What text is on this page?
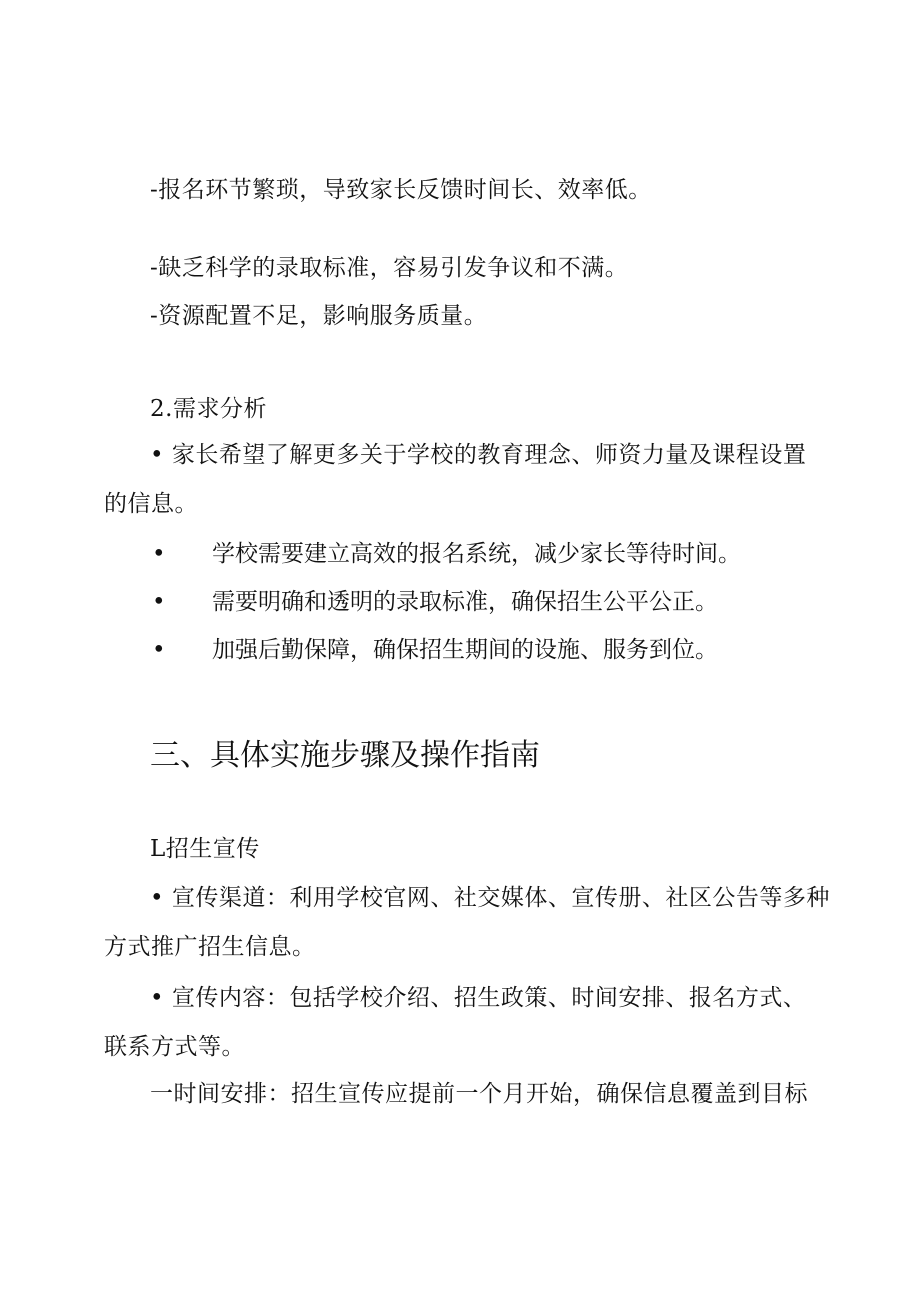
-报名环节繁琐，导致家长反馈时间长、效率低。
-缺乏科学的录取标准，容易引发争议和不满。
-资源配置不足，影响服务质量。
2.需求分析
• 家长希望了解更多关于学校的教育理念、师资力量及课程设置
的信息。
• 学校需要建立高效的报名系统，减少家长等待时间。
• 需要明确和透明的录取标准，确保招生公平公正。
• 加强后勤保障，确保招生期间的设施、服务到位。
三、具体实施步骤及操作指南
L招生宣传
• 宣传渠道：利用学校官网、社交媒体、宣传册、社区公告等多种
方式推广招生信息。
• 宣传内容：包括学校介绍、招生政策、时间安排、报名方式、
联系方式等。
一时间安排：招生宣传应提前一个月开始，确保信息覆盖到目标
